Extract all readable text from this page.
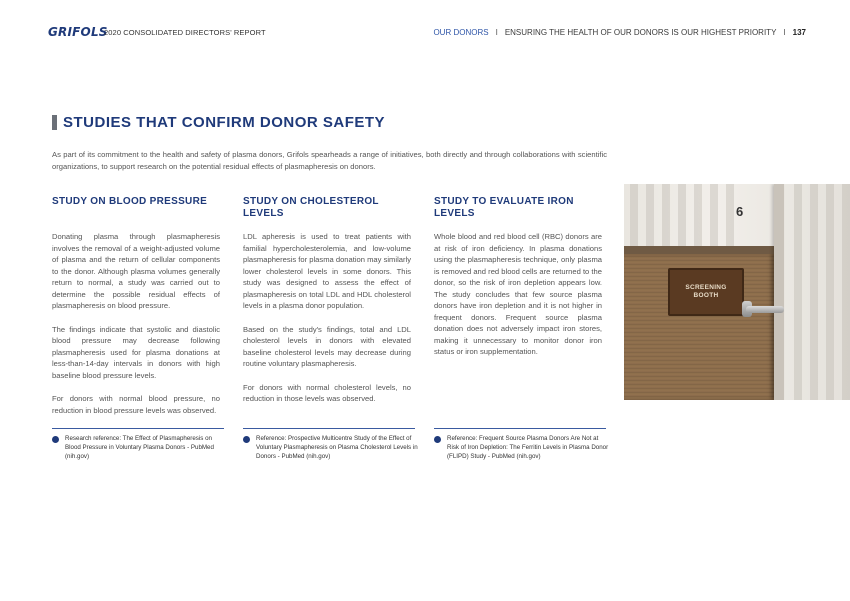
GRIFOLS
2020 CONSOLIDATED DIRECTORS' REPORT	OUR DONORS I ENSURING THE HEALTH OF OUR DONORS IS OUR HIGHEST PRIORITY I 137
STUDIES THAT CONFIRM DONOR SAFETY

As part of its commitment to the health and safety of plasma donors, Grifols spearheads a range of initiatives, both directly and through collaborations with scientific organizations, to support research on the potential residual effects of plasmapheresis on donors.

STUDY ON BLOOD PRESSURE

Donating plasma through plasmapheresis involves the removal of a weight-adjusted volume of plasma and the return of cellular components to the donor. Although plasma volumes generally return to normal, a study was carried out to determine the possible residual effects of plasmapheresis on blood pressure.

The findings indicate that systolic and diastolic blood pressure may decrease following plasmapheresis used for plasma donations at less-than-14-day intervals in donors with high baseline blood pressure levels.

For donors with normal blood pressure, no reduction in blood pressure levels was observed.

Research reference: The Effect of Plasmapheresis on Blood Pressure in Voluntary Plasma Donors - PubMed (nih.gov)
STUDY ON CHOLESTEROL LEVELS

LDL apheresis is used to treat patients with familial hypercholesterolemia, and low-volume plasmapheresis for plasma donation may similarly lower cholesterol levels in some donors. This study was designed to assess the effect of plasmapheresis on total LDL and HDL cholesterol levels in a plasma donor population.

Based on the study's findings, total and LDL cholesterol levels in donors with elevated baseline cholesterol levels may decrease during routine voluntary plasmapheresis.

For donors with normal cholesterol levels, no reduction in those levels was observed.

Reference: Prospective Multicentre Study of the Effect of Voluntary Plasmapheresis on Plasma Cholesterol Levels in Donors - PubMed (nih.gov)
STUDY TO EVALUATE IRON LEVELS

Whole blood and red blood cell (RBC) donors are at risk of iron deficiency. In plasma donations using the plasmapheresis technique, only plasma is removed and red blood cells are returned to the donor, so the risk of iron depletion appears low. The study concludes that few source plasma donors have iron depletion and it is not higher in frequent donors. Frequent source plasma donation does not adversely impact iron stores, making it unnecessary to monitor donor iron status or iron supplementation.

Reference: Frequent Source Plasma Donors Are Not at Risk of Iron Depletion: The Ferritin Levels in Plasma Donor (FLIPD) Study - PubMed (nih.gov)
6
SCREENING
BOOTH
